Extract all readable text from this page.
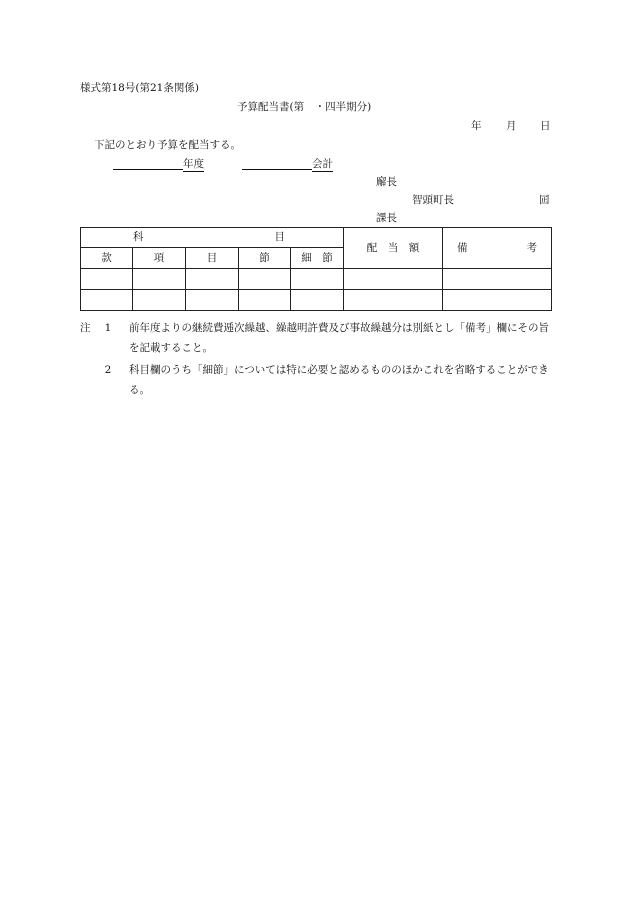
様式第18号(第21条関係)
予算配当書(第　・四半期分)
年 月 日
下記のとおり予算を配当する。
年度	会計
廨長
智頭町長	囸
課長
科 目					配　当　額	備 考

款	項	目	節	細　節		

注	1	前年度よりの継続費逓次繰越、繰越明許費及び事故繰越分は別紙とし「備考」欄にその旨を記載すること。
2	科目欄のうち「細節」については特に必要と認めるもののほかこれを省略することができる。
